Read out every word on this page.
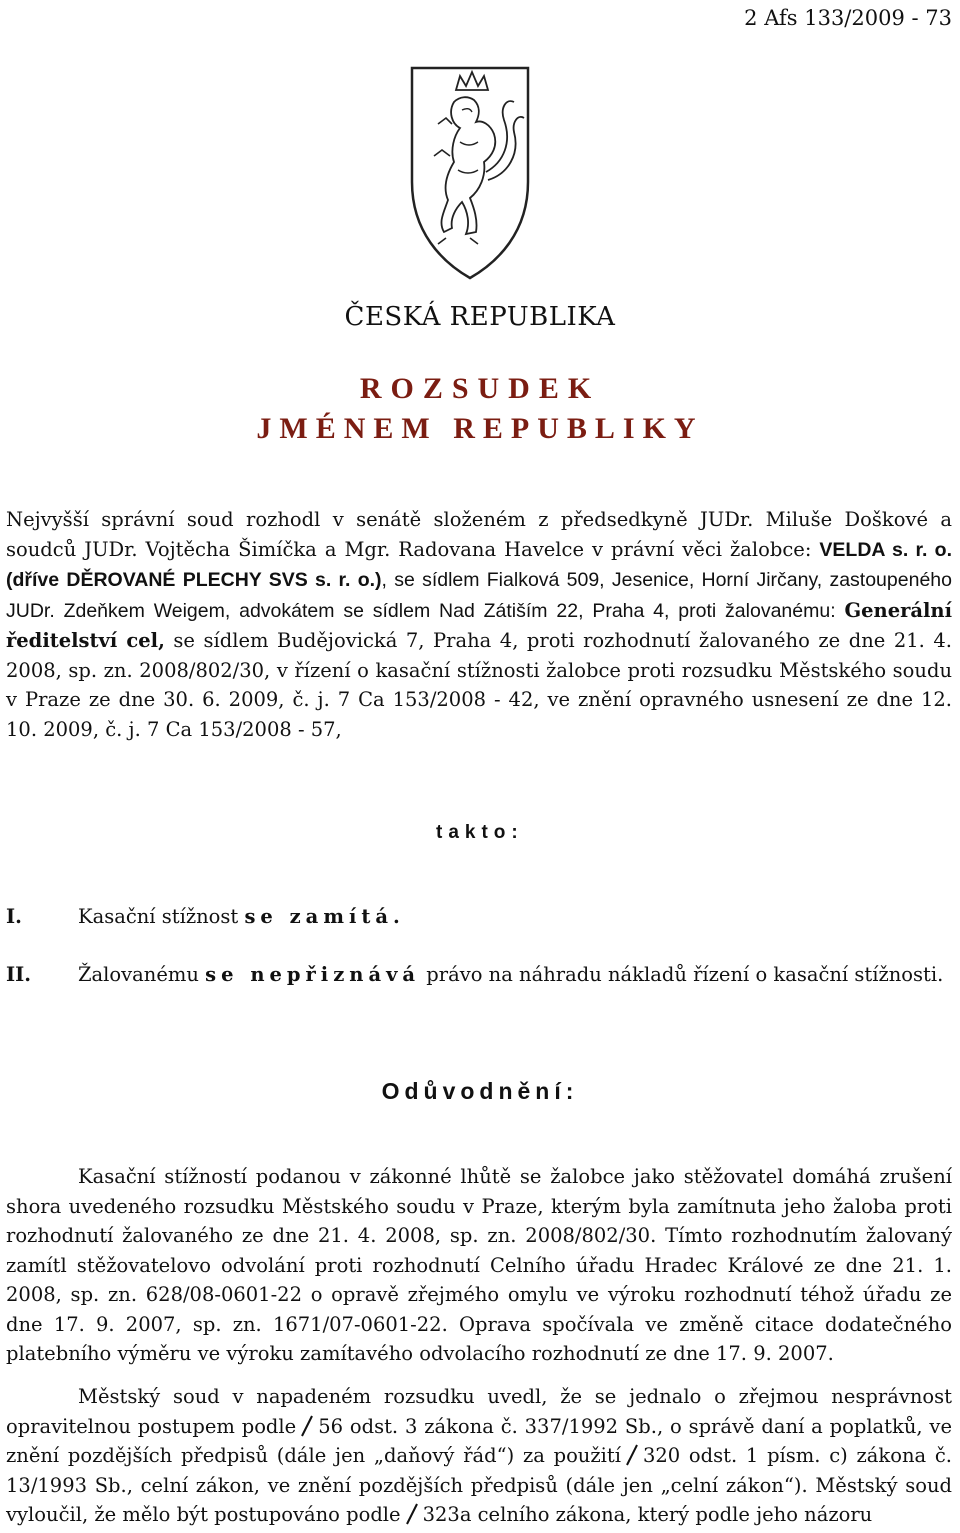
2 Afs 133/2009 - 73
ČESKÁ REPUBLIKA
ROZSUDEK
JMÉNEM REPUBLIKY
Nejvyšší správní soud rozhodl v senátě složeném z předsedkyně JUDr. Miluše Doškové a soudců JUDr. Vojtěcha Šimíčka a Mgr. Radovana Havelce v právní věci žalobce: VELDA s. r. o. (dříve DĚROVANÉ PLECHY SVS s. r. o.), se sídlem Fialková 509, Jesenice, Horní Jirčany, zastoupeného JUDr. Zdeňkem Weigem, advokátem se sídlem Nad Zátiším 22, Praha 4, proti žalovanému: Generální ředitelství cel, se sídlem Budějovická 7, Praha 4, proti rozhodnutí žalovaného ze dne 21. 4. 2008, sp. zn. 2008/802/30, v řízení o kasační stížnosti žalobce proti rozsudku Městského soudu v Praze ze dne 30. 6. 2009, č. j. 7 Ca 153/2008 - 42, ve znění opravného usnesení ze dne 12. 10. 2009, č. j. 7 Ca 153/2008 - 57,
takto:
I.	Kasační stížnost se zamítá.
II. Žalovanému se nepřiznává právo na náhradu nákladů řízení o kasační stížnosti.
Odůvodnění:
Kasační stížností podanou v zákonné lhůtě se žalobce jako stěžovatel domáhá zrušení shora uvedeného rozsudku Městského soudu v Praze, kterým byla zamítnuta jeho žaloba proti rozhodnutí žalovaného ze dne 21. 4. 2008, sp. zn. 2008/802/30. Tímto rozhodnutím žalovaný zamítl stěžovatelovo odvolání proti rozhodnutí Celního úřadu Hradec Králové ze dne 21. 1. 2008, sp. zn. 628/08-0601-22 o opravě zřejmého omylu ve výroku rozhodnutí téhož úřadu ze dne 17. 9. 2007, sp. zn. 1671/07-0601-22. Oprava spočívala ve změně citace dodatečného platebního výměru ve výroku zamítavého odvolacího rozhodnutí ze dne 17. 9. 2007.
Městský soud v napadeném rozsudku uvedl, že se jednalo o zřejmou nesprávnost opravitelnou postupem podle 56 odst. 3 zákona č. 337/1992 Sb., o správě daní a poplatků, ve znění pozdějších předpisů (dále jen „daňový řád“) za použití 320 odst. 1 písm. c) zákona č. 13/1993 Sb., celní zákon, ve znění pozdějších předpisů (dále jen „celní zákon“). Městský soud vyloučil, že mělo být postupováno podle 323a celního zákona, který podle jeho názoru
